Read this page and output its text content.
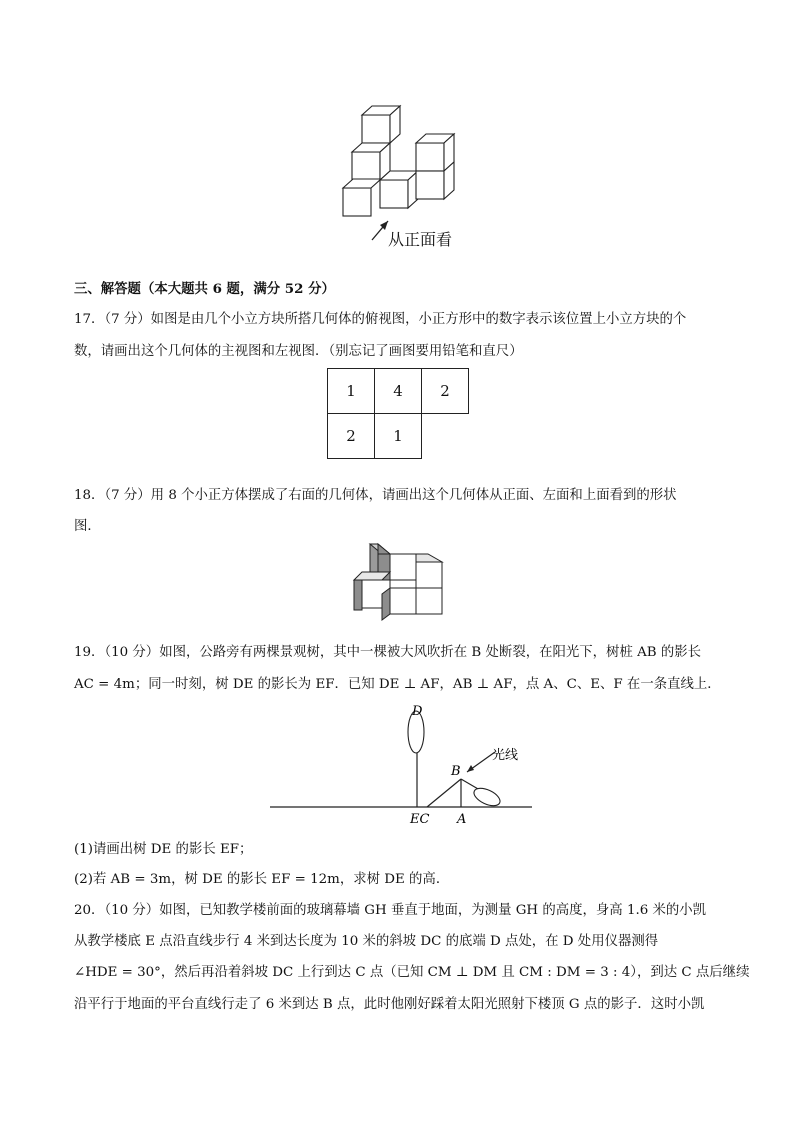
从正面看
三、解答题（本大题共 6 题，满分 52 分）
17．（7 分）如图是由几个小立方块所搭几何体的俯视图，小正方形中的数字表示该位置上小立方块的个
数，请画出这个几何体的主视图和左视图．（别忘记了画图要用铅笔和直尺）
1	4	2
2	1
18．（7 分）用 8 个小正方体摆成了右面的几何体，请画出这个几何体从正面、左面和上面看到的形状
图．
19．（10 分）如图，公路旁有两棵景观树，其中一棵被大风吹折在 B 处断裂，在阳光下，树桩 AB 的影长
AC = 4m；同一时刻，树 DE 的影长为 EF．已知 DE ⊥ AF，AB ⊥ AF，点 A、C、E、F 在一条直线上．
D
B
光线
EC A
(1)请画出树 DE 的影长 EF；
(2)若 AB = 3m，树 DE 的影长 EF = 12m，求树 DE 的高．
20．（10 分）如图，已知教学楼前面的玻璃幕墙 GH 垂直于地面，为测量 GH 的高度，身高 1.6 米的小凯
从教学楼底 E 点沿直线步行 4 米到达长度为 10 米的斜坡 DC 的底端 D 点处，在 D 处用仪器测得
∠HDE = 30°，然后再沿着斜坡 DC 上行到达 C 点（已知 CM ⊥ DM 且 CM : DM = 3 : 4），到达 C 点后继续
沿平行于地面的平台直线行走了 6 米到达 B 点，此时他刚好踩着太阳光照射下楼顶 G 点的影子．这时小凯
